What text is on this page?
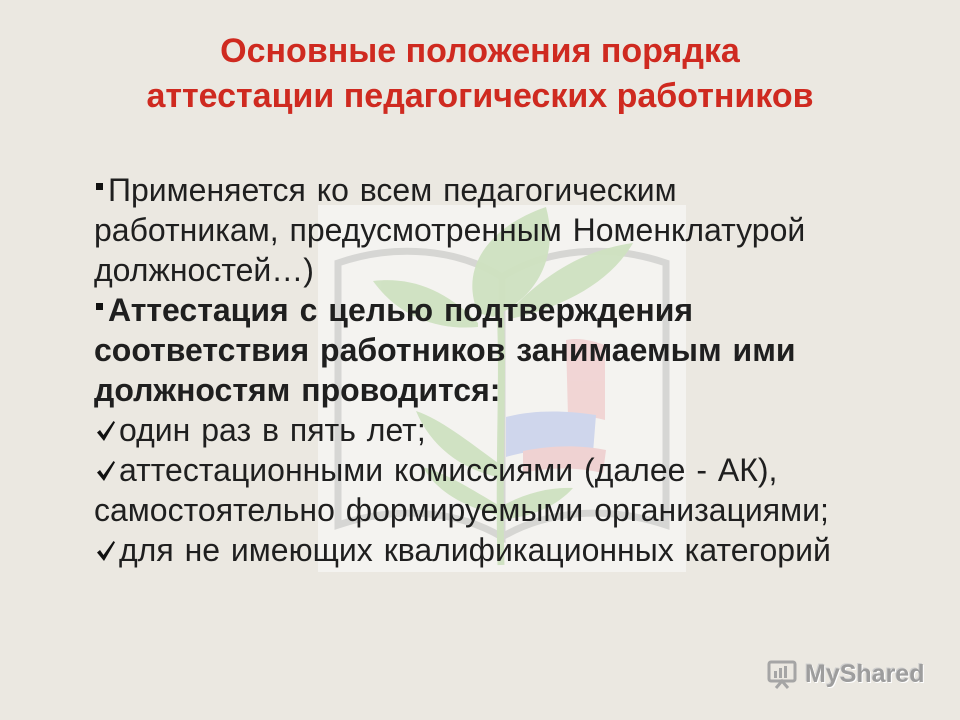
Основные положения порядка
аттестации педагогических работников
Применяется ко всем педагогическим
работникам, предусмотренным Номенклатурой
должностей…)
Аттестация с целью подтверждения
соответствия работников занимаемым ими
должностям проводится:
один раз в пять лет;
аттестационными комиссиями (далее - АК),
самостоятельно формируемыми организациями;
для не имеющих квалификационных категорий
MyShared
